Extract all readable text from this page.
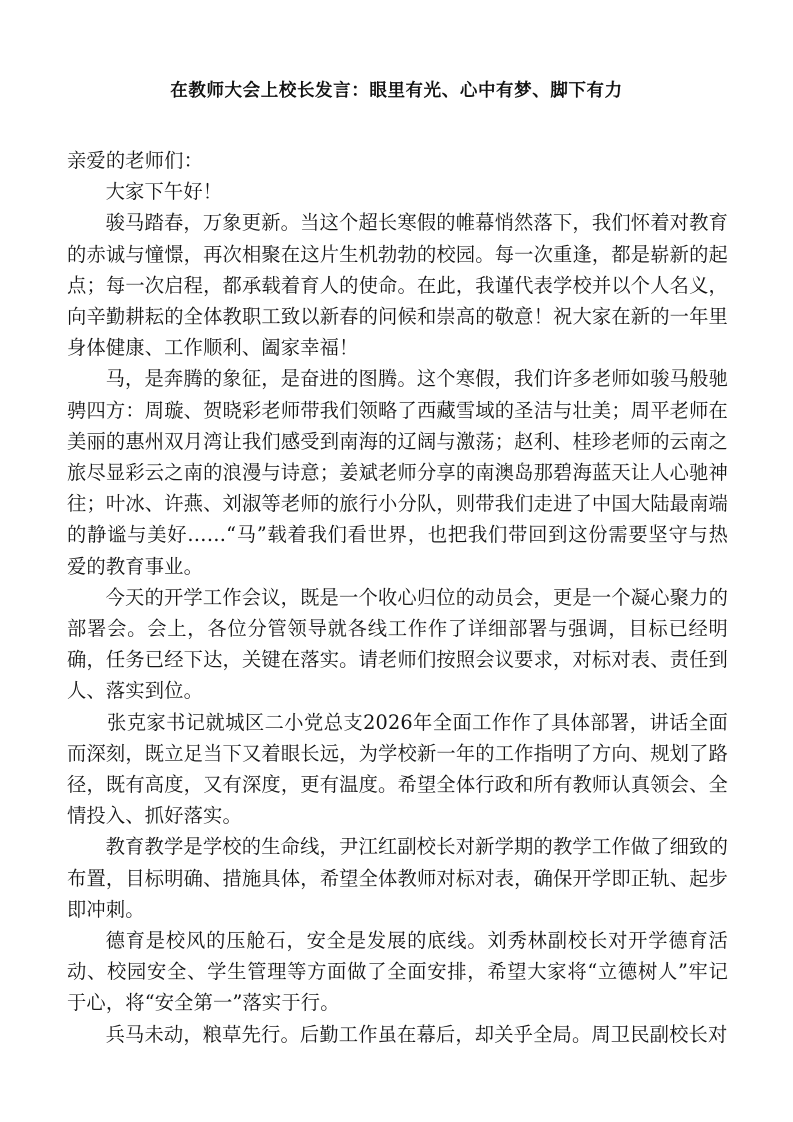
在教师大会上校长发言：眼里有光、心中有梦、脚下有力

亲爱的老师们：

大家下午好！

骏马踏春，万象更新。当这个超长寒假的帷幕悄然落下，我们怀着对教育的赤诚与憧憬，再次相聚在这片生机勃勃的校园。每一次重逢，都是崭新的起点；每一次启程，都承载着育人的使命。在此，我谨代表学校并以个人名义，向辛勤耕耘的全体教职工致以新春的问候和崇高的敬意！祝大家在新的一年里身体健康、工作顺利、阖家幸福！

马，是奔腾的象征，是奋进的图腾。这个寒假，我们许多老师如骏马般驰骋四方：周璇、贺晓彩老师带我们领略了西藏雪域的圣洁与壮美；周平老师在美丽的惠州双月湾让我们感受到南海的辽阔与激荡；赵利、桂珍老师的云南之旅尽显彩云之南的浪漫与诗意；姜斌老师分享的南澳岛那碧海蓝天让人心驰神往；叶冰、许燕、刘淑等老师的旅行小分队，则带我们走进了中国大陆最南端的静谧与美好……“马”载着我们看世界，也把我们带回到这份需要坚守与热爱的教育事业。

今天的开学工作会议，既是一个收心归位的动员会，更是一个凝心聚力的部署会。会上，各位分管领导就各线工作作了详细部署与强调，目标已经明确，任务已经下达，关键在落实。请老师们按照会议要求，对标对表、责任到人、落实到位。

张克家书记就城区二小党总支2026年全面工作作了具体部署，讲话全面而深刻，既立足当下又着眼长远，为学校新一年的工作指明了方向、规划了路径，既有高度，又有深度，更有温度。希望全体行政和所有教师认真领会、全情投入、抓好落实。

教育教学是学校的生命线，尹江红副校长对新学期的教学工作做了细致的布置，目标明确、措施具体，希望全体教师对标对表，确保开学即正轨、起步即冲刺。

德育是校风的压舱石，安全是发展的底线。刘秀林副校长对开学德育活动、校园安全、学生管理等方面做了全面安排，希望大家将“立德树人”牢记于心，将“安全第一”落实于行。

兵马未动，粮草先行。后勤工作虽在幕后，却关乎全局。周卫民副校长对
